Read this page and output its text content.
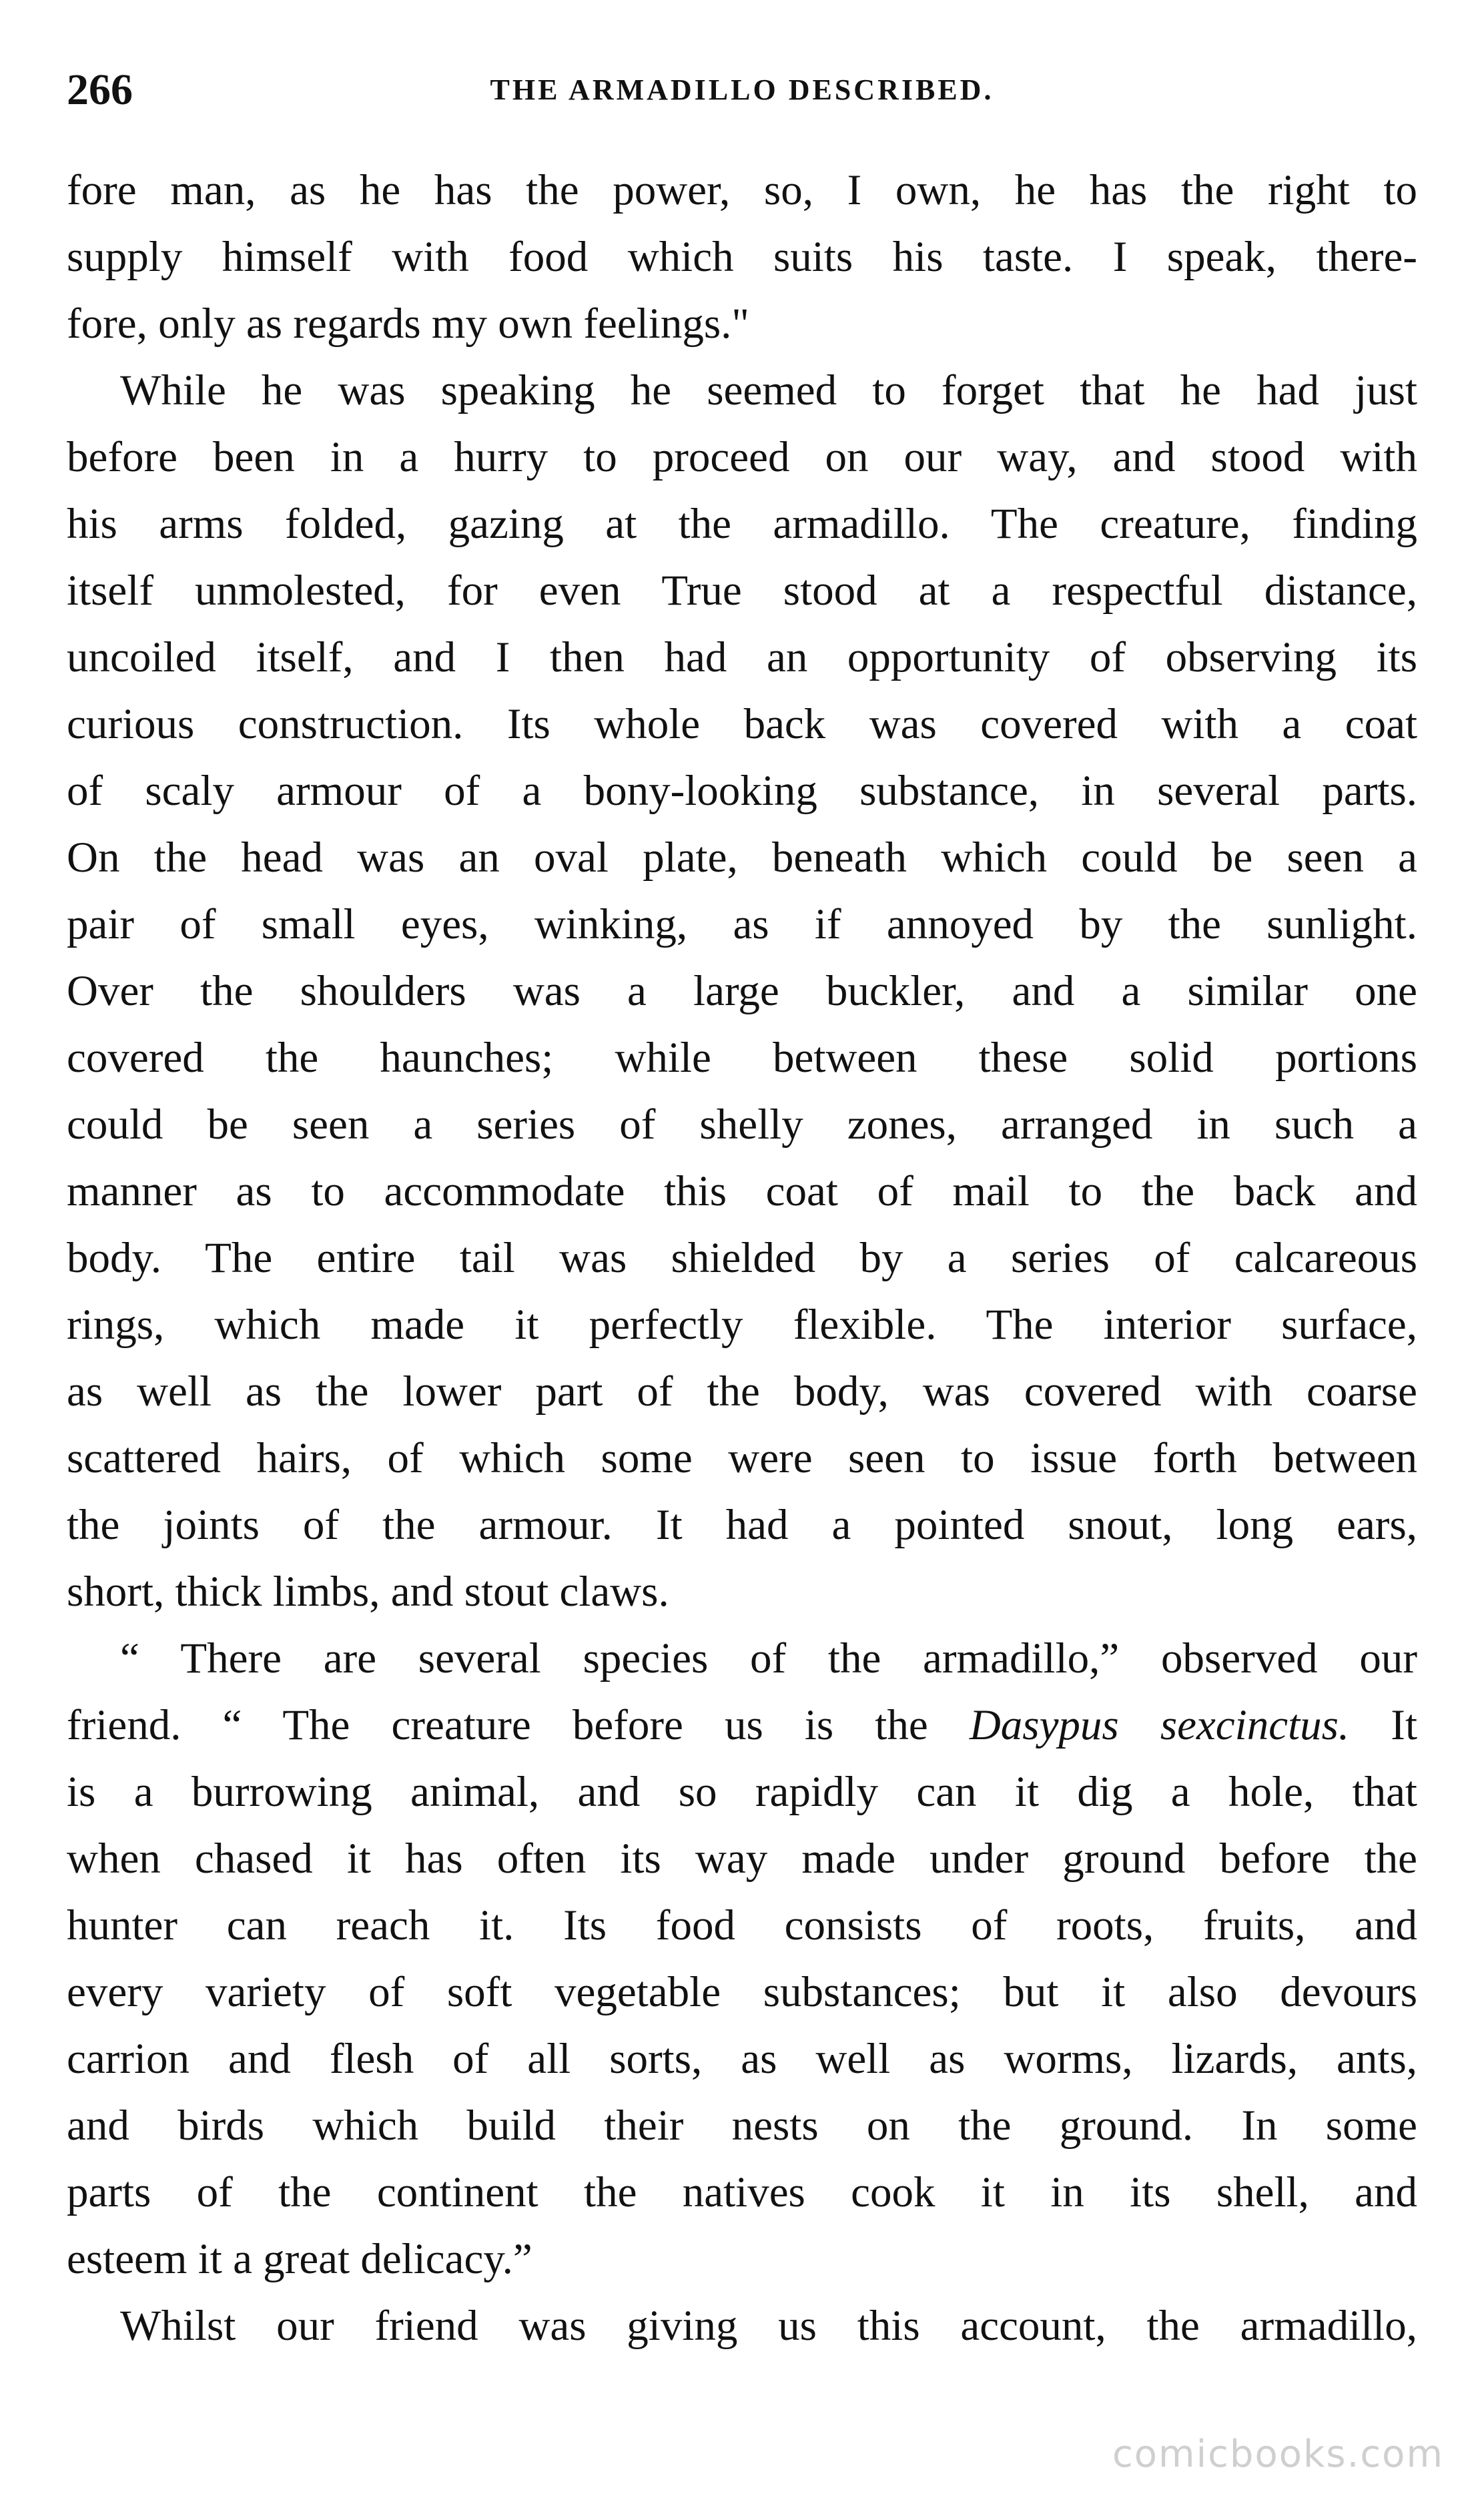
266	THE ARMADILLO DESCRIBED.
fore man, as he has the power, so, I own, he has the right to
supply himself with food which suits his taste. I speak, there-
fore, only as regards my own feelings."
While he was speaking he seemed to forget that he had just
before been in a hurry to proceed on our way, and stood with
his arms folded, gazing at the armadillo. The creature, finding
itself unmolested, for even True stood at a respectful distance,
uncoiled itself, and I then had an opportunity of observing its
curious construction. Its whole back was covered with a coat
of scaly armour of a bony-looking substance, in several parts.
On the head was an oval plate, beneath which could be seen a
pair of small eyes, winking, as if annoyed by the sunlight.
Over the shoulders was a large buckler, and a similar one
covered the haunches; while between these solid portions
could be seen a series of shelly zones, arranged in such a
manner as to accommodate this coat of mail to the back and
body. The entire tail was shielded by a series of calcareous
rings, which made it perfectly flexible. The interior surface,
as well as the lower part of the body, was covered with coarse
scattered hairs, of which some were seen to issue forth between
the joints of the armour. It had a pointed snout, long ears,
short, thick limbs, and stout claws.
“ There are several species of the armadillo,” observed our
friend. “ The creature before us is the Dasypus sexcinctus. It
is a burrowing animal, and so rapidly can it dig a hole, that
when chased it has often its way made under ground before the
hunter can reach it. Its food consists of roots, fruits, and
every variety of soft vegetable substances; but it also devours
carrion and flesh of all sorts, as well as worms, lizards, ants,
and birds which build their nests on the ground. In some
parts of the continent the natives cook it in its shell, and
esteem it a great delicacy.”
Whilst our friend was giving us this account, the armadillo,
comicbooks.com
